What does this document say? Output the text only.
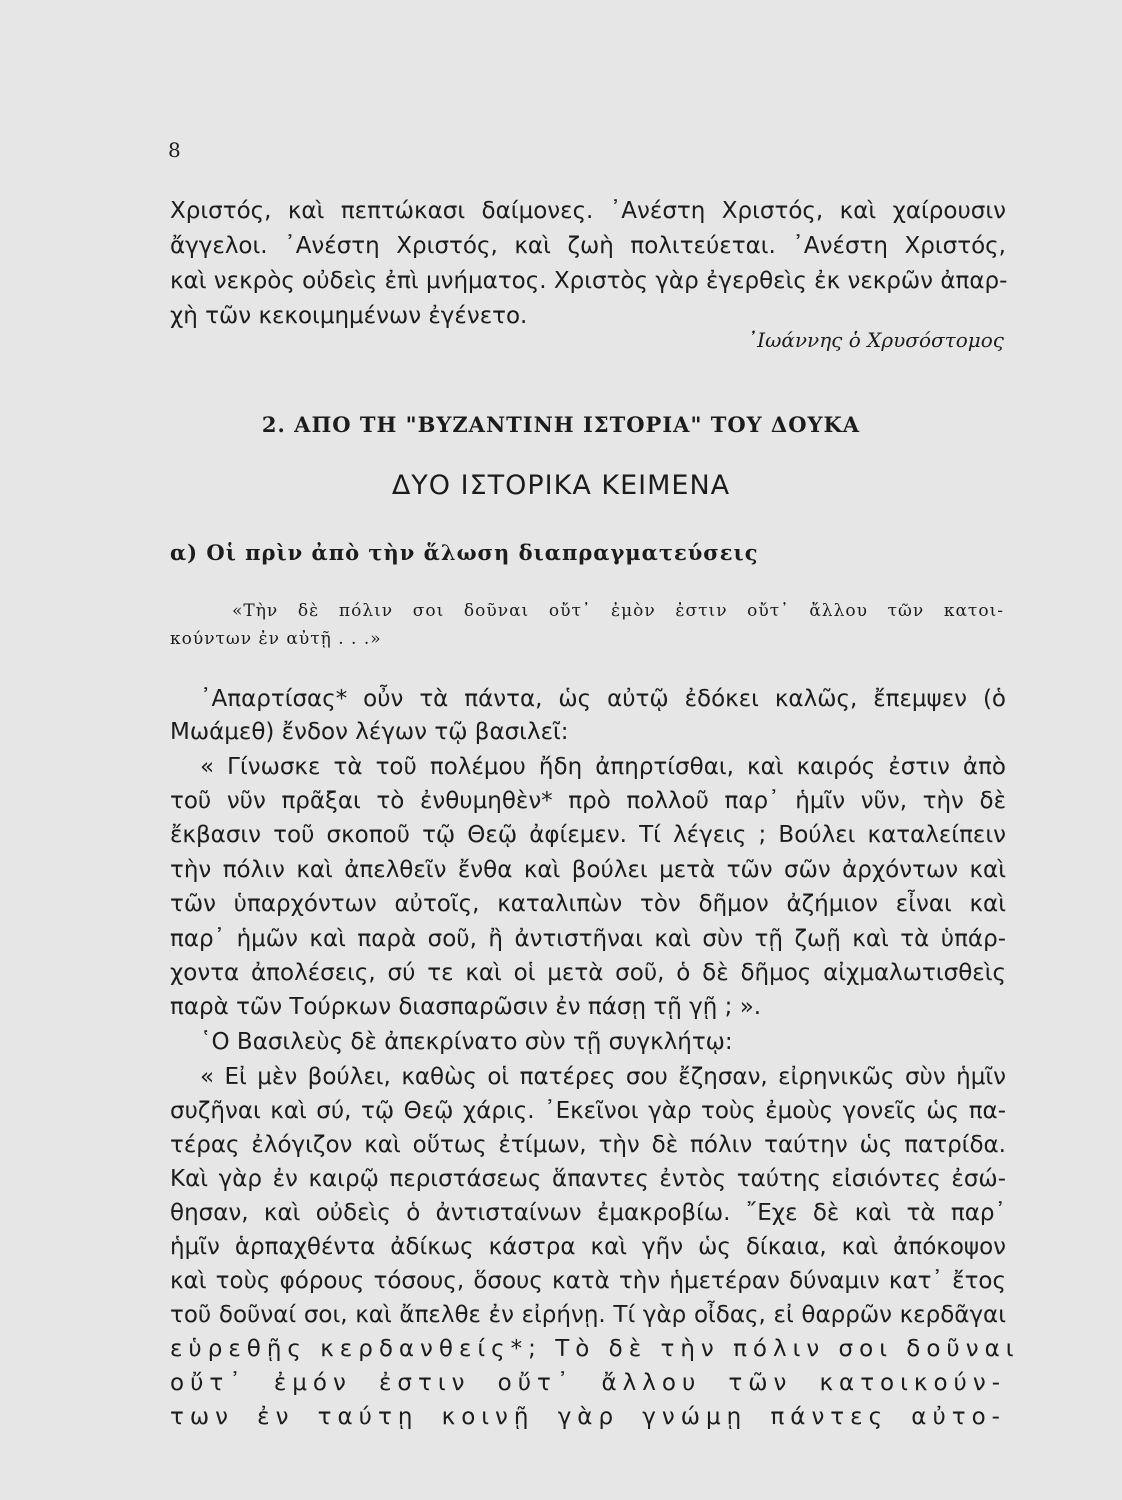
8
Χριστός, καὶ πεπτώκασι δαίμονες. ᾽Ανέστη Χριστός, καὶ χαίρουσιν
ἄγγελοι. ᾽Ανέστη Χριστός, καὶ ζωὴ πολιτεύεται. ᾽Ανέστη Χριστός,
καὶ νεκρὸς οὐδεὶς ἐπὶ μνήματος. Χριστὸς γὰρ ἐγερθεὶς ἐκ νεκρῶν ἀπαρ-
χὴ τῶν κεκοιμημένων ἐγένετο.
᾽Ιωάννης ὁ Χρυσόστομος
2. ΑΠΟ ΤΗ "ΒΥΖΑΝΤΙΝΗ ΙΣΤΟΡΙΑ" ΤΟΥ ΔΟΥΚΑ
ΔΥΟ ΙΣΤΟΡΙΚΑ ΚΕΙΜΕΝΑ
α) Οἱ πρὶν ἀπὸ τὴν ἅλωση διαπραγματεύσεις
«Τὴν δὲ πόλιν σοι δοῦναι οὔτ᾽ ἐμὸν ἐστιν οὔτ᾽ ἄλλου τῶν κατοι-
κούντων ἐν αὐτῇ . . .»
᾽Απαρτίσας* οὖν τὰ πάντα, ὡς αὐτῷ ἐδόκει καλῶς, ἔπεμψεν (ὁ
Μωάμεθ) ἔνδον λέγων τῷ βασιλεῖ:
« Γίνωσκε τὰ τοῦ πολέμου ἤδη ἀπηρτίσθαι, καὶ καιρός ἐστιν ἀπὸ
τοῦ νῦν πρᾶξαι τὸ ἐνθυμηθὲν* πρὸ πολλοῦ παρ᾽ ἡμῖν νῦν, τὴν δὲ
ἔκβασιν τοῦ σκοποῦ τῷ Θεῷ ἀφίεμεν. Τί λέγεις ; Βούλει καταλείπειν
τὴν πόλιν καὶ ἀπελθεῖν ἔνθα καὶ βούλει μετὰ τῶν σῶν ἀρχόντων καὶ
τῶν ὑπαρχόντων αὐτοῖς, καταλιπὼν τὸν δῆμον ἀζήμιον εἶναι καὶ
παρ᾽ ἡμῶν καὶ παρὰ σοῦ, ἢ ἀντιστῆναι καὶ σὺν τῇ ζωῇ καὶ τὰ ὑπάρ-
χοντα ἀπολέσεις, σύ τε καὶ οἱ μετὰ σοῦ, ὁ δὲ δῆμος αἰχμαλωτισθεὶς
παρὰ τῶν Τούρκων διασπαρῶσιν ἐν πάσῃ τῇ γῇ ; ».
῾Ο Βασιλεὺς δὲ ἀπεκρίνατο σὺν τῇ συγκλήτῳ:
« Εἰ μὲν βούλει, καθὼς οἱ πατέρες σου ἔζησαν, εἰρηνικῶς σὺν ἡμῖν
συζῆναι καὶ σύ, τῷ Θεῷ χάρις. ᾽Εκεῖνοι γὰρ τοὺς ἐμοὺς γονεῖς ὡς πα-
τέρας ἐλόγιζον καὶ οὕτως ἐτίμων, τὴν δὲ πόλιν ταύτην ὡς πατρίδα.
Καὶ γὰρ ἐν καιρῷ περιστάσεως ἅπαντες ἐντὸς ταύτης εἰσιόντες ἐσώ-
θησαν, καὶ οὐδεὶς ὁ ἀντισταίνων ἐμακροβίω. ῎Εχε δὲ καὶ τὰ παρ᾽
ἡμῖν ἁρπαχθέντα ἀδίκως κάστρα καὶ γῆν ὡς δίκαια, καὶ ἀπόκοψον
καὶ τοὺς φόρους τόσους, ὅσους κατὰ τὴν ἡμετέραν δύναμιν κατ᾽ ἔτος
τοῦ δοῦναί σοι, καὶ ἄπελθε ἐν εἰρήνῃ. Τί γὰρ οἶδας, εἰ θαρρῶν κερδᾶγαι
εὑρεθῇς κερδανθείς*; Τὸ δὲ τὴν πόλιν σοι δοῦναι
οὔτ᾽ ἐμόν ἐστιν οὔτ᾽ ἄλλου τῶν κατοικούν-
των ἐν ταύτῃ κοινῇ γὰρ γνώμῃ πάντες αὐτο-
